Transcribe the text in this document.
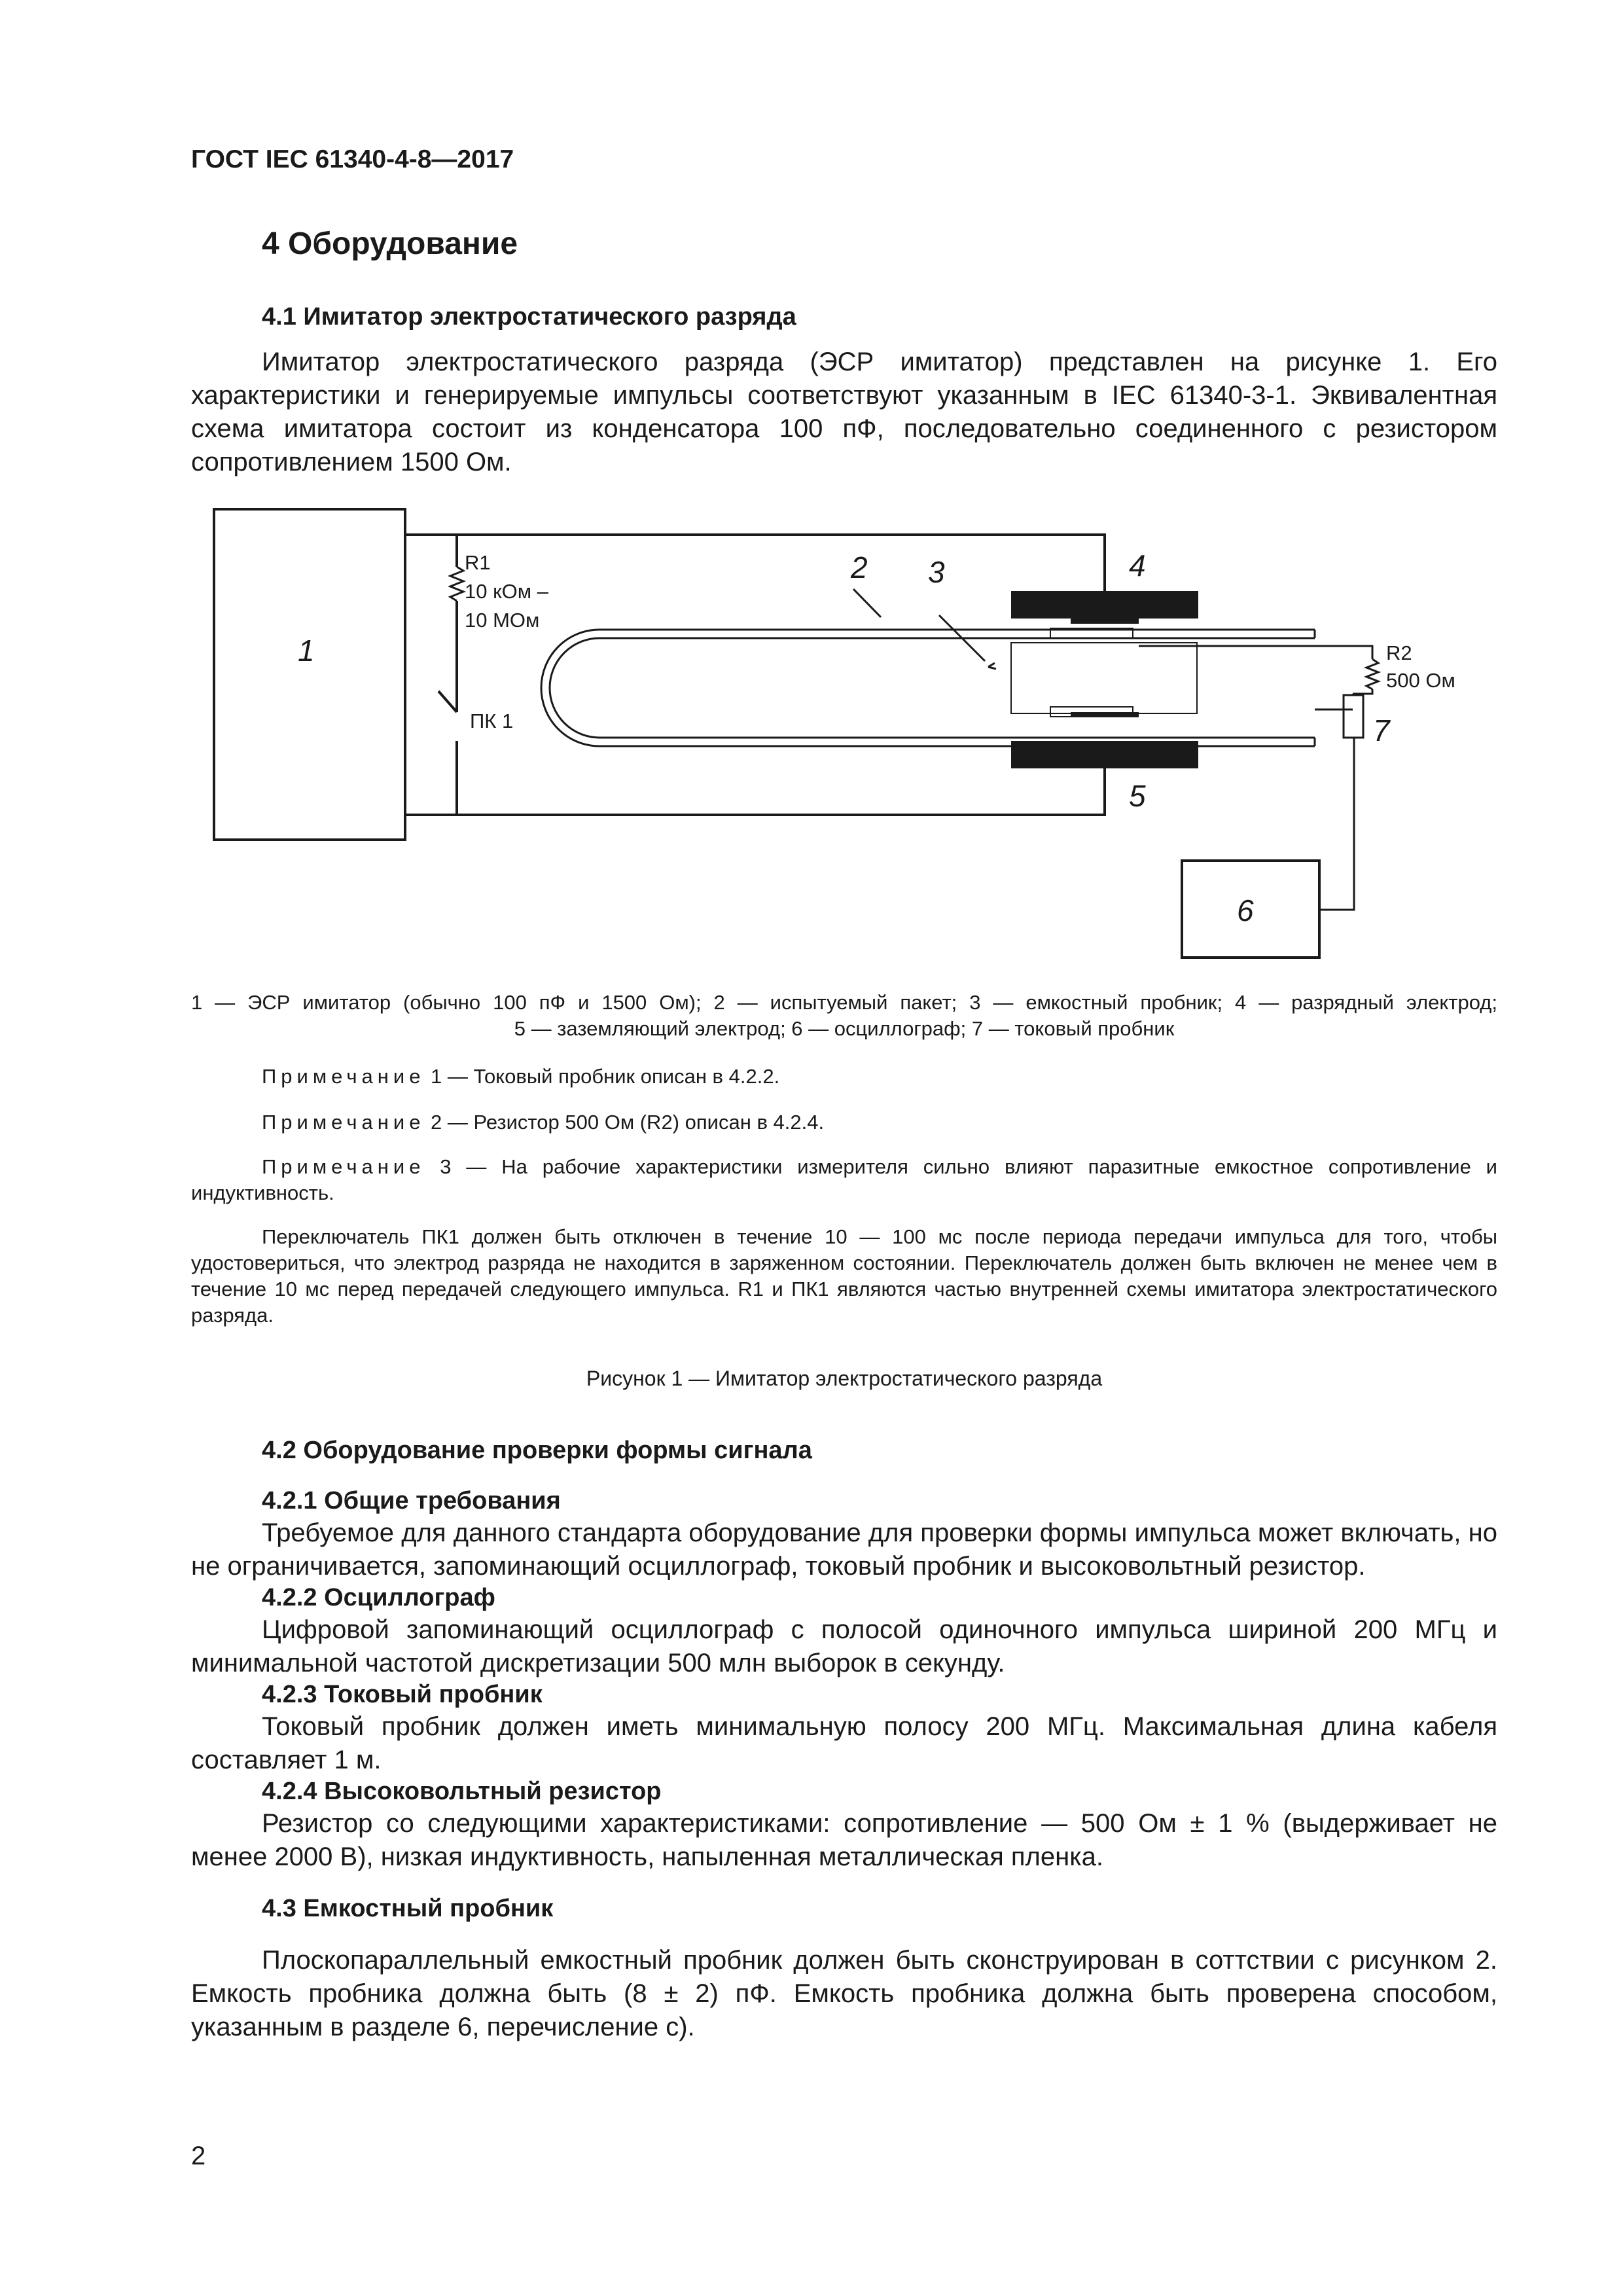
ГОСТ IEC 61340-4-8—2017
4 Оборудование
4.1 Имитатор электростатического разряда

Имитатор электростатического разряда (ЭСР имитатор) представлен на рисунке 1. Его характеристики и генерируемые импульсы соответствуют указанным в IEC 61340-3-1. Эквивалентная схема имитатора состоит из конденсатора 100 пФ, последовательно соединенного с резистором сопротивлением 1500 Ом.

1
2 3	4
5
6
7
R1
10 кОм –
10 МОм
ПК 1
R2
500 Ом
1 — ЭСР имитатор (обычно 100 пФ и 1500 Ом); 2 — испытуемый пакет; 3 — емкостный пробник; 4 — разрядный электрод;
5 — заземляющий электрод; 6 — осциллограф; 7 — токовый пробник

Примечание 1 — Токовый пробник описан в 4.2.2.

Примечание 2 — Резистор 500 Ом (R2) описан в 4.2.4.

Примечание 3 — На рабочие характеристики измерителя сильно влияют паразитные емкостное сопротивление и индуктивность.

Переключатель ПК1 должен быть отключен в течение 10 — 100 мс после периода передачи импульса для того, чтобы удостовериться, что электрод разряда не находится в заряженном состоянии. Переключатель должен быть включен не менее чем в течение 10 мс перед передачей следующего импульса. R1 и ПК1 являются частью внутренней схемы имитатора электростатического разряда.

Рисунок 1 — Имитатор электростатического разряда
4.2 Оборудование проверки формы сигнала
4.2.1 Общие требования

Требуемое для данного стандарта оборудование для проверки формы импульса может включать, но не ограничивается, запоминающий осциллограф, токовый пробник и высоковольтный резистор.

4.2.2 Осциллограф

Цифровой запоминающий осциллограф с полосой одиночного импульса шириной 200 МГц и минимальной частотой дискретизации 500 млн выборок в секунду.

4.2.3 Токовый пробник

Токовый пробник должен иметь минимальную полосу 200 МГц. Максимальная длина кабеля составляет 1 м.

4.2.4 Высоковольтный резистор

Резистор со следующими характеристиками: сопротивление — 500 Ом ± 1 % (выдерживает не менее 2000 В), низкая индуктивность, напыленная металлическая пленка.

4.3 Емкостный пробник

Плоскопараллельный емкостный пробник должен быть сконструирован в соттствии с рисунком 2. Емкость пробника должна быть (8 ± 2) пФ. Емкость пробника должна быть проверена способом, указанным в разделе 6, перечисление с).

2
